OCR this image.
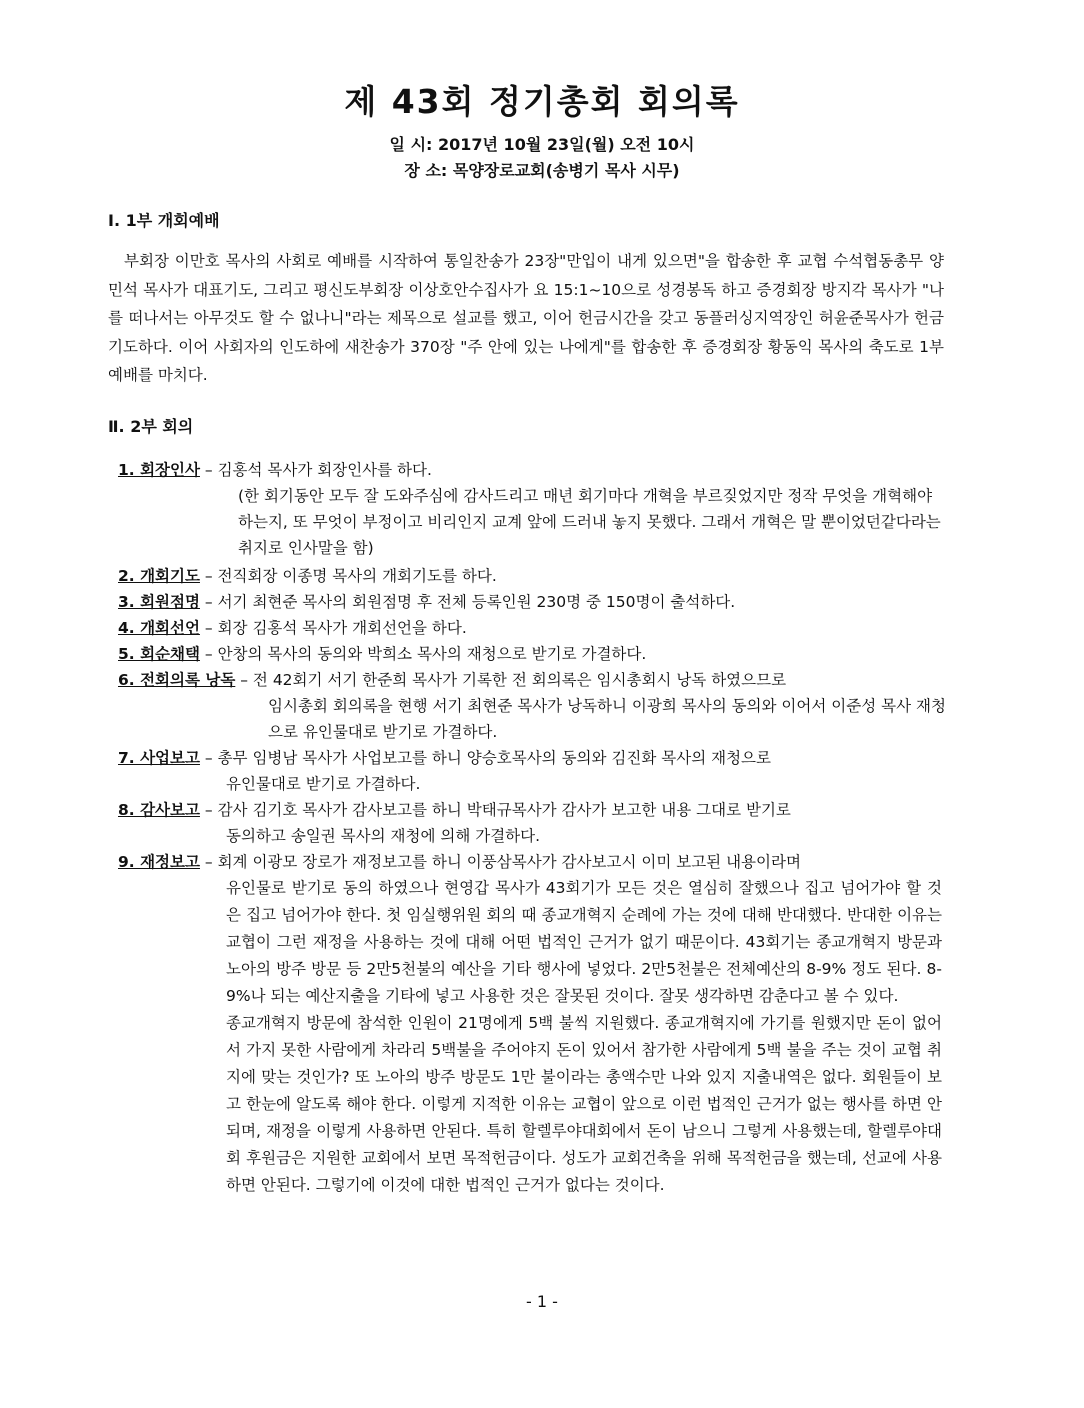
제 43회 정기총회 회의록
일 시: 2017년 10월 23일(월) 오전 10시
장 소: 목양장로교회(송병기 목사 시무)
Ⅰ. 1부 개회예배
부회장 이만호 목사의 사회로 예배를 시작하여 통일찬송가 23장"만입이 내게 있으면"을 합송한 후 교협 수석협동총무 양민석 목사가 대표기도, 그리고 평신도부회장 이상호안수집사가 요 15:1~10으로 성경봉독 하고 증경회장 방지각 목사가 "나를 떠나서는 아무것도 할 수 없나니"라는 제목으로 설교를 했고, 이어 헌금시간을 갖고 동플러싱지역장인 허윤준목사가 헌금기도하다. 이어 사회자의 인도하에 새찬송가 370장 "주 안에 있는 나에게"를 합송한 후 증경회장 황동익 목사의 축도로 1부 예배를 마치다.
Ⅱ. 2부 회의
1. 회장인사 – 김홍석 목사가 회장인사를 하다.
(한 회기동안 모두 잘 도와주심에 감사드리고 매년 회기마다 개혁을 부르짖었지만 정작 무엇을 개혁해야 하는지, 또 무엇이 부정이고 비리인지 교계 앞에 드러내 놓지 못했다. 그래서 개혁은 말 뿐이었던같다라는 취지로 인사말을 함)
2. 개회기도 – 전직회장 이종명 목사의 개회기도를 하다.
3. 회원점명 – 서기 최현준 목사의 회원점명 후 전체 등록인원 230명 중 150명이 출석하다.
4. 개회선언 – 회장 김홍석 목사가 개회선언을 하다.
5. 회순채택 – 안창의 목사의 동의와 박희소 목사의 재청으로 받기로 가결하다.
6. 전회의록 낭독 – 전 42회기 서기 한준희 목사가 기록한 전 회의록은 임시총회시 낭독 하였으므로
임시총회 회의록을 현행 서기 최현준 목사가 낭독하니 이광희 목사의 동의와 이어서 이준성 목사 재청으로 유인물대로 받기로 가결하다.
7. 사업보고 – 총무 임병남 목사가 사업보고를 하니 양승호목사의 동의와 김진화 목사의 재청으로
유인물대로 받기로 가결하다.
8. 감사보고 – 감사 김기호 목사가 감사보고를 하니 박태규목사가 감사가 보고한 내용 그대로 받기로
동의하고 송일권 목사의 재청에 의해 가결하다.
9. 재정보고 – 회계 이광모 장로가 재정보고를 하니 이풍삼목사가 감사보고시 이미 보고된 내용이라며

유인물로 받기로 동의 하였으나 현영갑 목사가 43회기가 모든 것은 열심히 잘했으나 집고 넘어가야 할 것은 집고 넘어가야 한다. 첫 임실행위원 회의 때 종교개혁지 순례에 가는 것에 대해 반대했다. 반대한 이유는 교협이 그런 재정을 사용하는 것에 대해 어떤 법적인 근거가 없기 때문이다. 43회기는 종교개혁지 방문과 노아의 방주 방문 등 2만5천불의 예산을 기타 행사에 넣었다. 2만5천불은 전체예산의 8-9% 정도 된다. 8-9%나 되는 예산지출을 기타에 넣고 사용한 것은 잘못된 것이다. 잘못 생각하면 감춘다고 볼 수 있다.

종교개혁지 방문에 참석한 인원이 21명에게 5백 불씩 지원했다. 종교개혁지에 가기를 원했지만 돈이 없어서 가지 못한 사람에게 차라리 5백불을 주어야지 돈이 있어서 참가한 사람에게 5백 불을 주는 것이 교협 취지에 맞는 것인가? 또 노아의 방주 방문도 1만 불이라는 총액수만 나와 있지 지출내역은 없다. 회원들이 보고 한눈에 알도록 해야 한다. 이렇게 지적한 이유는 교협이 앞으로 이런 법적인 근거가 없는 행사를 하면 안되며, 재정을 이렇게 사용하면 안된다. 특히 할렐루야대회에서 돈이 남으니 그렇게 사용했는데, 할렐루야대회 후원금은 지원한 교회에서 보면 목적헌금이다. 성도가 교회건축을 위해 목적헌금을 했는데, 선교에 사용하면 안된다. 그렇기에 이것에 대한 법적인 근거가 없다는 것이다.

- 1 -
